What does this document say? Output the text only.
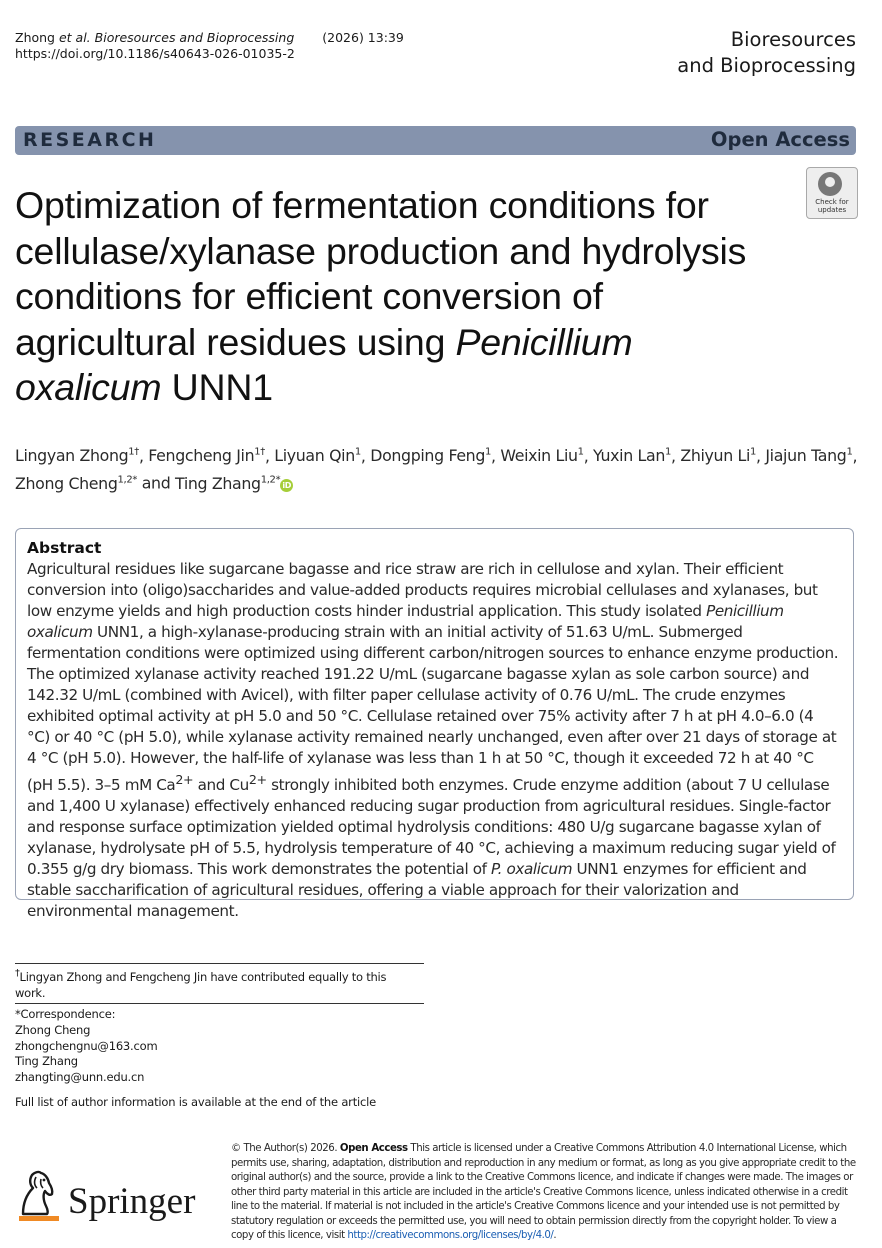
Zhong et al. Bioresources and Bioprocessing (2026) 13:39
https://doi.org/10.1186/s40643-026-01035-2
Bioresources
and Bioprocessing
RESEARCH	Open Access
Check for
updates
Optimization of fermentation conditions for cellulase/xylanase production and hydrolysis conditions for efficient conversion of agricultural residues using Penicillium oxalicum UNN1
Lingyan Zhong$^{1\dagger}$, Fengcheng Jin$^{1\dagger}$, Liyuan Qin$^1$, Dongping Feng$^1$, Weixin Liu$^1$, Yuxin Lan$^1$, Zhiyun Li$^1$, Jiajun Tang$^1$,
Zhong Cheng$^{1,2*}$ and Ting Zhang$^{1,2*}$ iD
Abstract

Agricultural residues like sugarcane bagasse and rice straw are rich in cellulose and xylan. Their efficient conversion into (oligo)saccharides and value-added products requires microbial cellulases and xylanases, but low enzyme yields and high production costs hinder industrial application. This study isolated Penicillium oxalicum UNN1, a high-xylanase-producing strain with an initial activity of 51.63 U/mL. Submerged fermentation conditions were optimized using different carbon/nitrogen sources to enhance enzyme production. The optimized xylanase activity reached 191.22 U/mL (sugarcane bagasse xylan as sole carbon source) and 142.32 U/mL (combined with Avicel), with filter paper cellulase activity of 0.76 U/mL. The crude enzymes exhibited optimal activity at pH 5.0 and 50 °C. Cellulase retained over 75% activity after 7 h at pH 4.0–6.0 (4 °C) or 40 °C (pH 5.0), while xylanase activity remained nearly unchanged, even after over 21 days of storage at 4 °C (pH 5.0). However, the half-life of xylanase was less than 1 h at 50 °C, though it exceeded 72 h at 40 °C (pH 5.5). 3–5 mM $Ca^{2+}$ and $Cu^{2+}$ strongly inhibited both enzymes. Crude enzyme addition (about 7 U cellulase and 1,400 U xylanase) effectively enhanced reducing sugar production from agricultural residues. Single-factor and response surface optimization yielded optimal hydrolysis conditions: 480 U/g sugarcane bagasse xylan of xylanase, hydrolysate pH of 5.5, hydrolysis temperature of 40 °C, achieving a maximum reducing sugar yield of 0.355 g/g dry biomass. This work demonstrates the potential of P. oxalicum UNN1 enzymes for efficient and stable saccharification of agricultural residues, offering a viable approach for their valorization and environmental management.

†Lingyan Zhong and Fengcheng Jin have contributed equally to this work.
*Correspondence:
Zhong Cheng
zhongchengnu@163.com
Ting Zhang
zhangting@unn.edu.cn
Full list of author information is available at the end of the article
Springer
© The Author(s) 2026. Open Access This article is licensed under a Creative Commons Attribution 4.0 International License, which permits use, sharing, adaptation, distribution and reproduction in any medium or format, as long as you give appropriate credit to the original author(s) and the source, provide a link to the Creative Commons licence, and indicate if changes were made. The images or other third party material in this article are included in the article's Creative Commons licence, unless indicated otherwise in a credit line to the material. If material is not included in the article's Creative Commons licence and your intended use is not permitted by statutory regulation or exceeds the permitted use, you will need to obtain permission directly from the copyright holder. To view a copy of this licence, visit http://creativecommons.org/licenses/by/4.0/.
